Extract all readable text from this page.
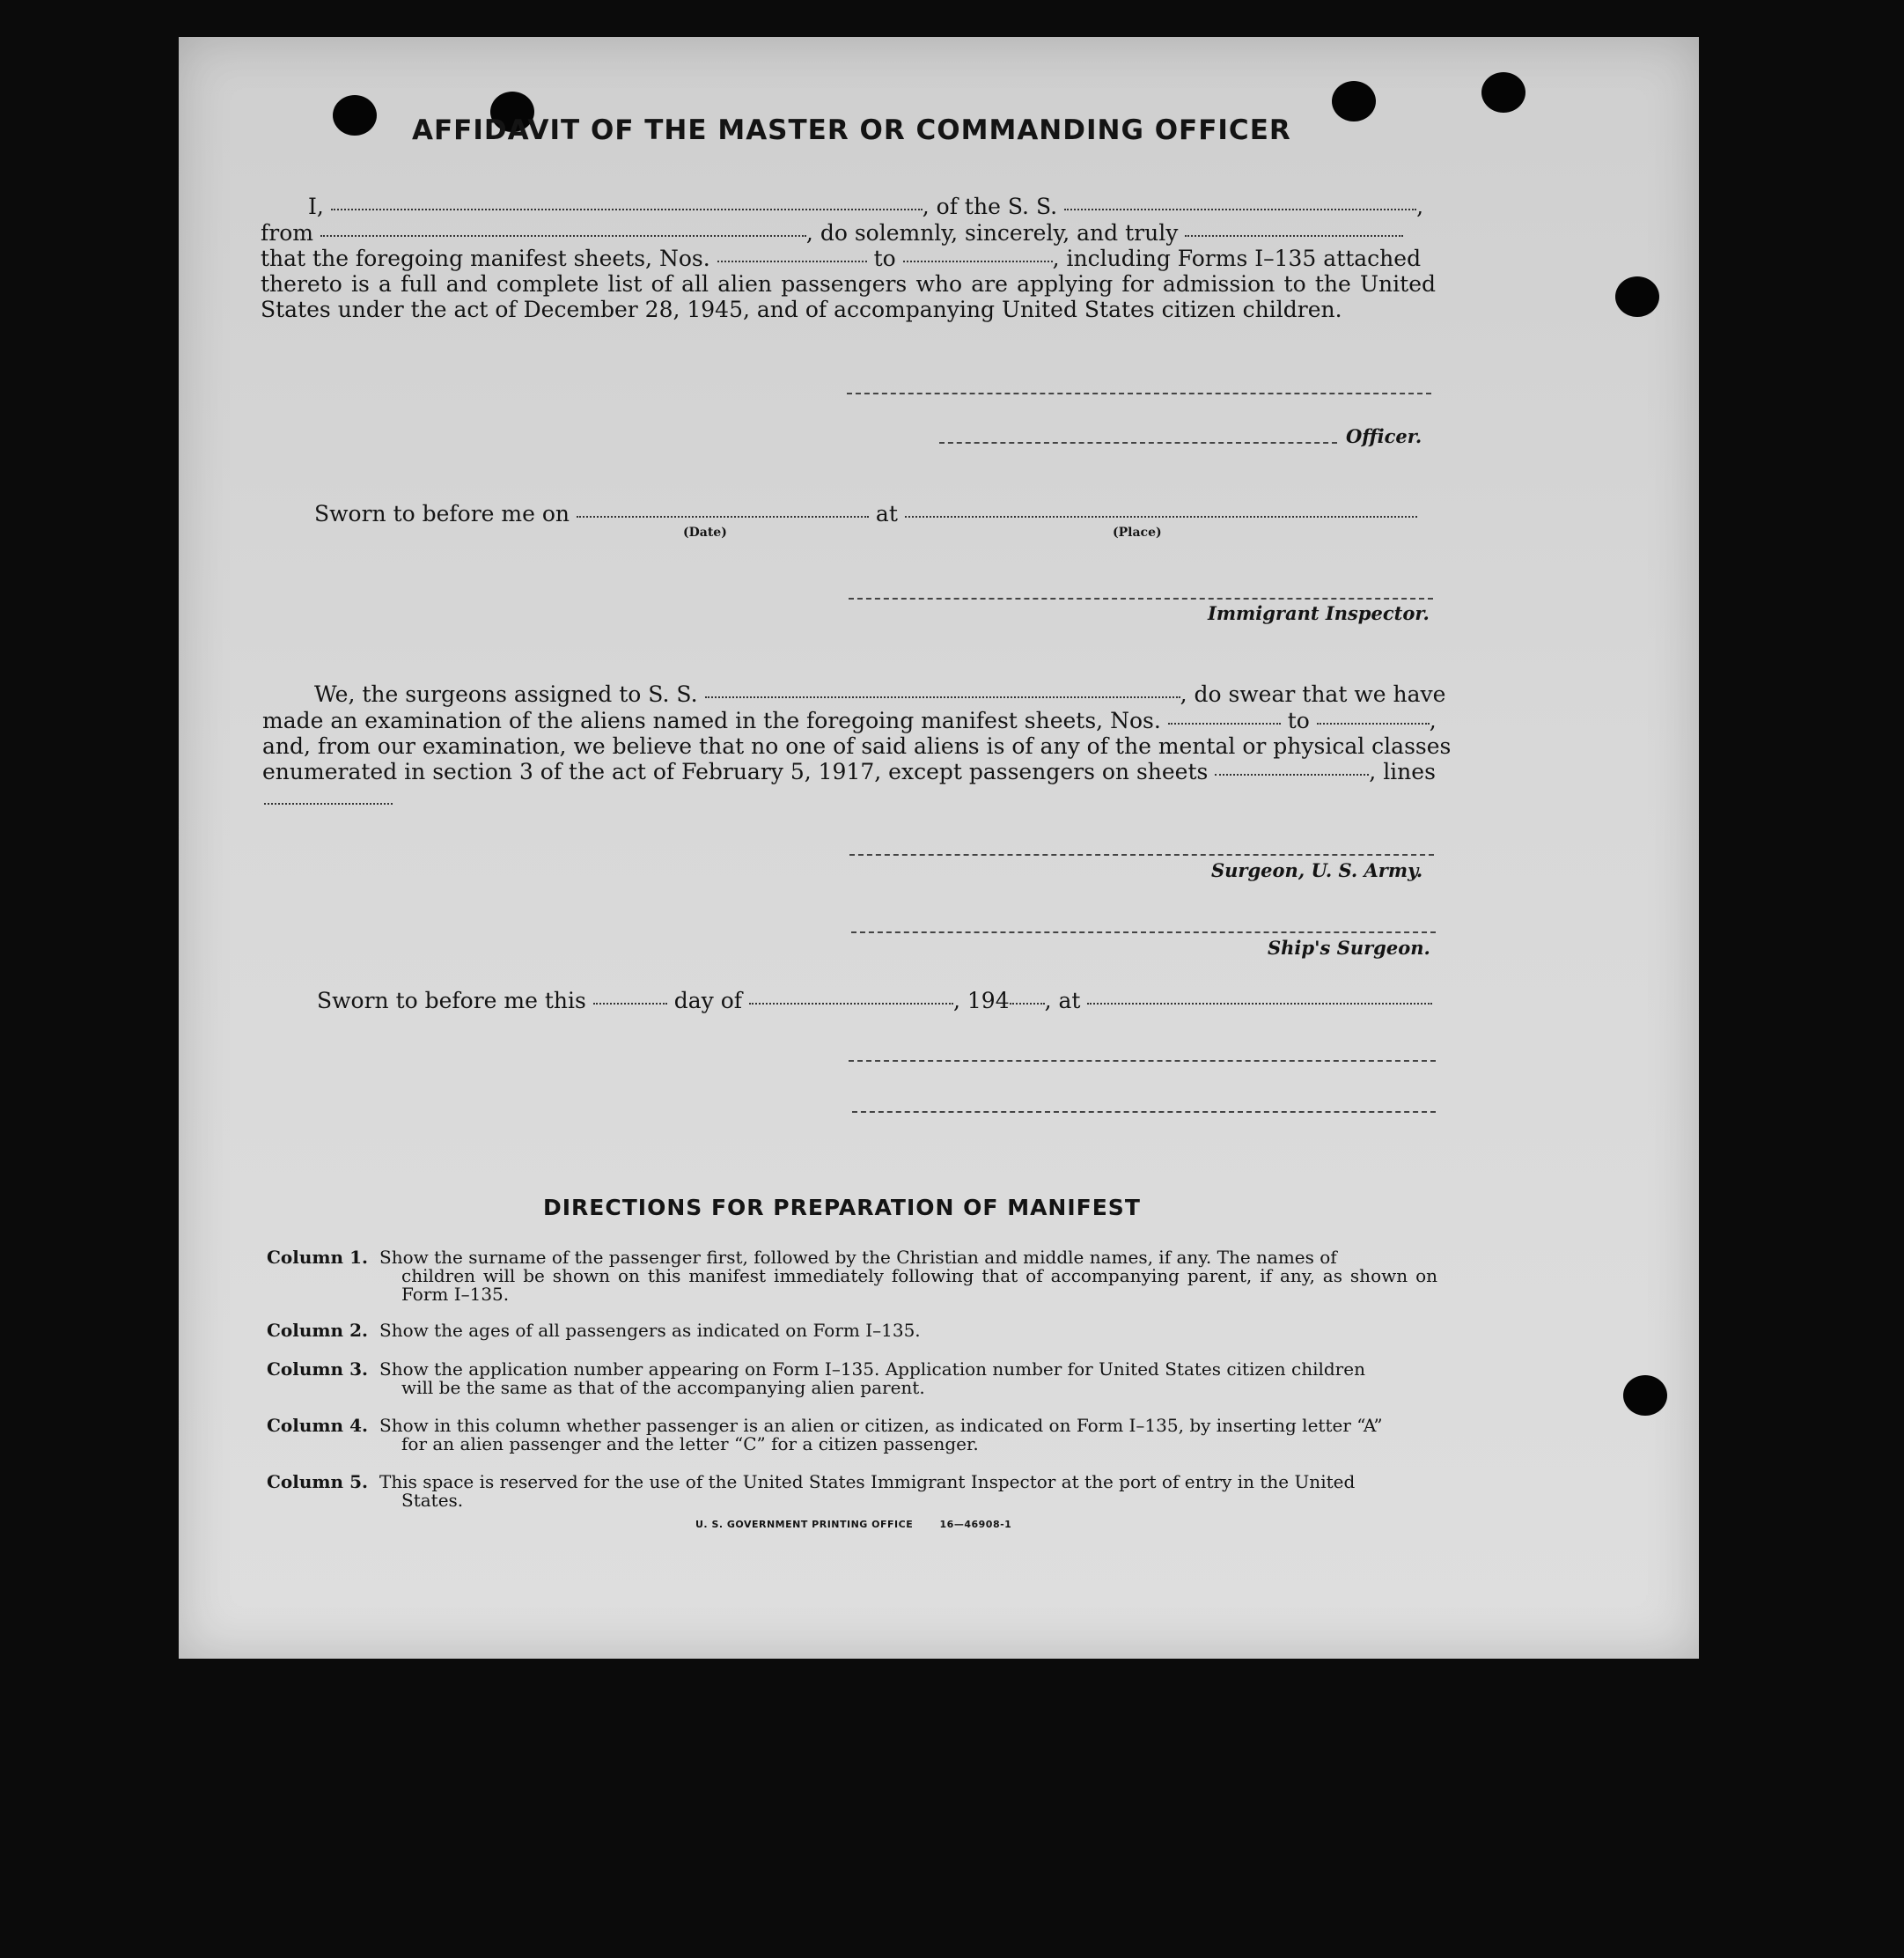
AFFIDAVIT OF THE MASTER OR COMMANDING OFFICER
I,	, of the S. S.	,
from	, do solemnly, sincerely, and truly
that the foregoing manifest sheets, Nos.	to	, including Forms I–135 attached
thereto is a full and complete list of all alien passengers who are applying for admission to the United
States under the act of December 28, 1945, and of accompanying United States citizen children.
Officer.
Sworn to before me on	at
(Date)	(Place)
Immigrant Inspector.
We, the surgeons assigned to S. S.	, do swear that we have
made an examination of the aliens named in the foregoing manifest sheets, Nos.	to	,
and, from our examination, we believe that no one of said aliens is of any of the mental or physical classes
enumerated in section 3 of the act of February 5, 1917, except passengers on sheets	, lines
Surgeon, U. S. Army.
Ship's Surgeon.
Sworn to before me this	day of	, 194 , at
DIRECTIONS FOR PREPARATION OF MANIFEST
Column 1. Show the surname of the passenger first, followed by the Christian and middle names, if any. The names of
children will be shown on this manifest immediately following that of accompanying parent, if any, as shown on Form I–135.
Column 2. Show the ages of all passengers as indicated on Form I–135.
Column 3. Show the application number appearing on Form I–135. Application number for United States citizen children
will be the same as that of the accompanying alien parent.
Column 4. Show in this column whether passenger is an alien or citizen, as indicated on Form I–135, by inserting letter “A”
for an alien passenger and the letter “C” for a citizen passenger.
Column 5. This space is reserved for the use of the United States Immigrant Inspector at the port of entry in the United
States.
U. S. GOVERNMENT PRINTING OFFICE	16—46908-1
